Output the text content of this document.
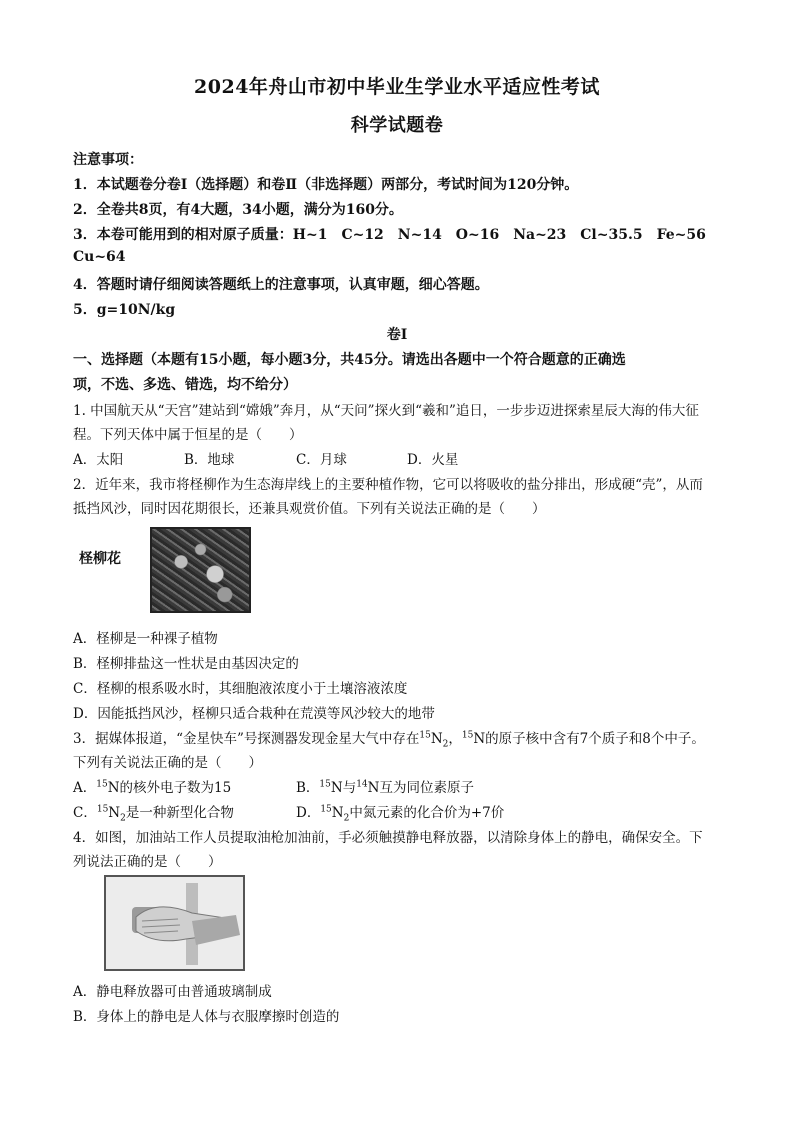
2024年舟山市初中毕业生学业水平适应性考试
科学试题卷
注意事项：
1．本试题卷分卷Ⅰ（选择题）和卷Ⅱ（非选择题）两部分，考试时间为120分钟。
2．全卷共8页，有4大题，34小题，满分为160分。
3．本卷可能用到的相对原子质量：H~1　C~12　N~14　O~16　Na~23　Cl~35.5　Fe~56
Cu~64
4．答题时请仔细阅读答题纸上的注意事项，认真审题，细心答题。
5．g=10N/kg
卷Ⅰ
一、选择题（本题有15小题，每小题3分，共45分。请选出各题中一个符合题意的正确选
项，不选、多选、错选，均不给分）
1. 中国航天从“天宫”建站到“嫦娥”奔月，从“天问”探火到“羲和”追日，一步步迈进探索星辰大海的伟大征
程。下列天体中属于恒星的是（　　）
A．太阳	B．地球	C．月球	D．火星
2．近年来，我市将柽柳作为生态海岸线上的主要种植作物，它可以将吸收的盐分排出，形成硬“壳”，从而
抵挡风沙，同时因花期很长，还兼具观赏价值。下列有关说法正确的是（　　）
柽柳花
A．柽柳是一种裸子植物
B．柽柳排盐这一性状是由基因决定的
C．柽柳的根系吸水时，其细胞液浓度小于土壤溶液浓度
D．因能抵挡风沙，柽柳只适合栽种在荒漠等风沙较大的地带
3．据媒体报道，“金星快车”号探测器发现金星大气中存在$^{15}N_2$，$^{15}$N的原子核中含有7个质子和8个中子。
下列有关说法正确的是（　　）
A．$^{15}$N的核外电子数为15	B．$^{15}$N与$^{14}$N互为同位素原子
C．$^{15}N_2$是一种新型化合物	D．$^{15}N_2$中氮元素的化合价为+7价
4．如图，加油站工作人员提取油枪加油前，手必须触摸静电释放器，以清除身体上的静电，确保安全。下
列说法正确的是（　　）
A．静电释放器可由普通玻璃制成
B．身体上的静电是人体与衣服摩擦时创造的
